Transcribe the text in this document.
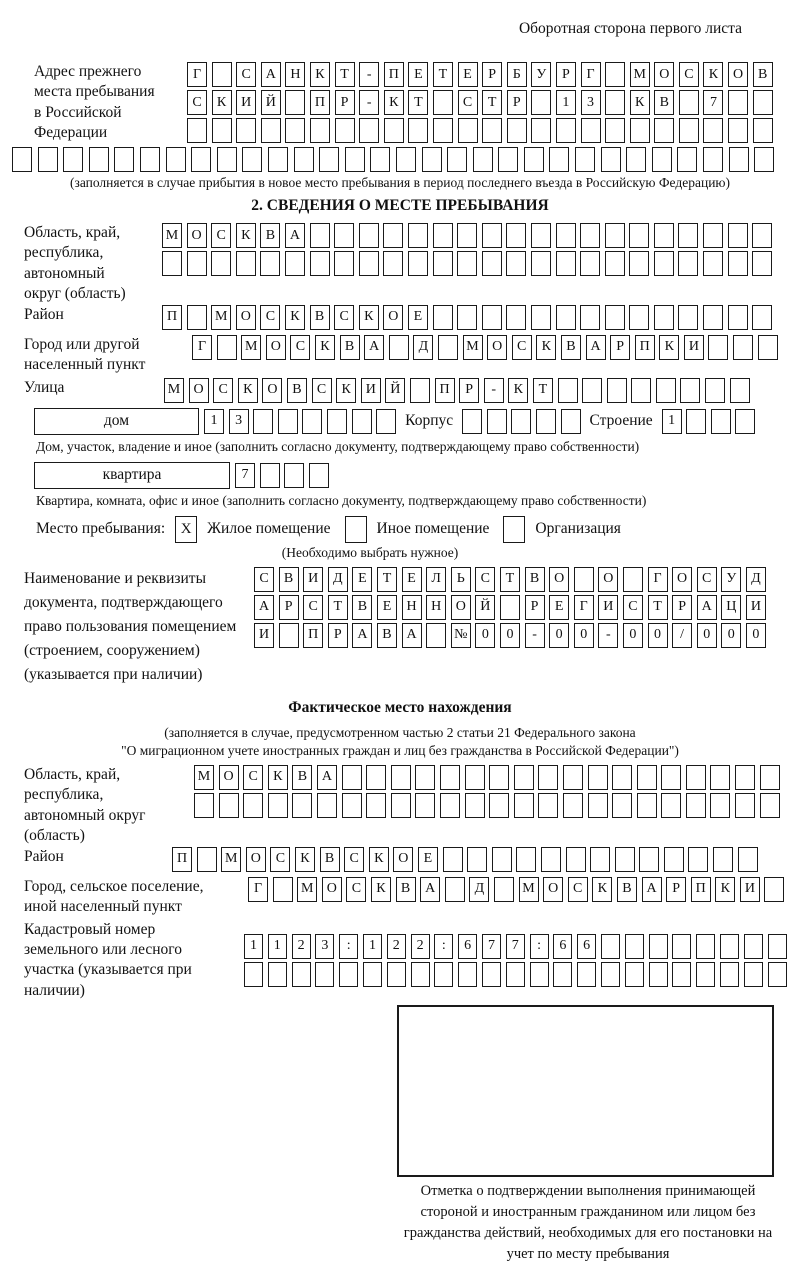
Оборотная сторона первого листа
Адрес прежнего места пребывания в Российской Федерации
Г	С	А	Н	К	Т	-	П	Е	Т	Е	Р	Б	У	Р	Г	М О	С	К	О	В
С	К	И	Й	П	Р	-	К	Т	С	Т	Р	1	3	К	В	7
(заполняется в случае прибытия в новое место пребывания в период последнего въезда в Российскую Федерацию)
2. СВЕДЕНИЯ О МЕСТЕ ПРЕБЫВАНИЯ
Область, край, республика, автономный округ (область)
М О	С	К	В	А
Район	П	М О	С	К	В	С	К	О	Е
Город или другой населенный пункт
Г	М О	С	К	В	А	Д	М О	С	К	В	А	Р	П	К	И
Улица	М О	С	К	О	В	С	К	И	Й	П	Р	-	К	Т
дом	1	3	Корпус	Строение	1
Дом, участок, владение и иное (заполнить согласно документу, подтверждающему право собственности)
квартира	7
Квартира, комната, офис и иное (заполнить согласно документу, подтверждающему право собственности)
Место пребывания:	X	Жилое помещение	Иное помещение	Организация
(Необходимо выбрать нужное)
Наименование и реквизиты документа, подтверждающего право пользования помещением (строением, сооружением) (указывается при наличии)
С	В	И	Д	Е	Т	Е	Л	Ь	С	Т	В	О	О	Г	О	С	У	Д
А	Р	С	Т	В	Е	Н	Н	О	Й	Р	Е	Г	И	С	Т	Р	А	Ц	И
И	П	Р	А	В	А	№	0	0	-	0	0	-	0	0	/	0	0	0
Фактическое место нахождения
(заполняется в случае, предусмотренном частью 2 статьи 21 Федерального закона
"О миграционном учете иностранных граждан и лиц без гражданства в Российской Федерации")
Область, край, республика, автономный округ (область)
М О	С	К	В	А
Район	П	М О	С	К	В	С	К	О	Е
Город, сельское поселение, иной населенный пункт
Г	М О	С	К	В	А	Д	М О	С	К	В	А	Р	П	К	И
Кадастровый номер земельного или лесного участка (указывается при наличии)
1	1	2	3	:	1	2	2	:	6	7	7	:	6	6
Отметка о подтверждении выполнения принимающей стороной и иностранным гражданином или лицом без гражданства действий, необходимых для его постановки на учет по месту пребывания
